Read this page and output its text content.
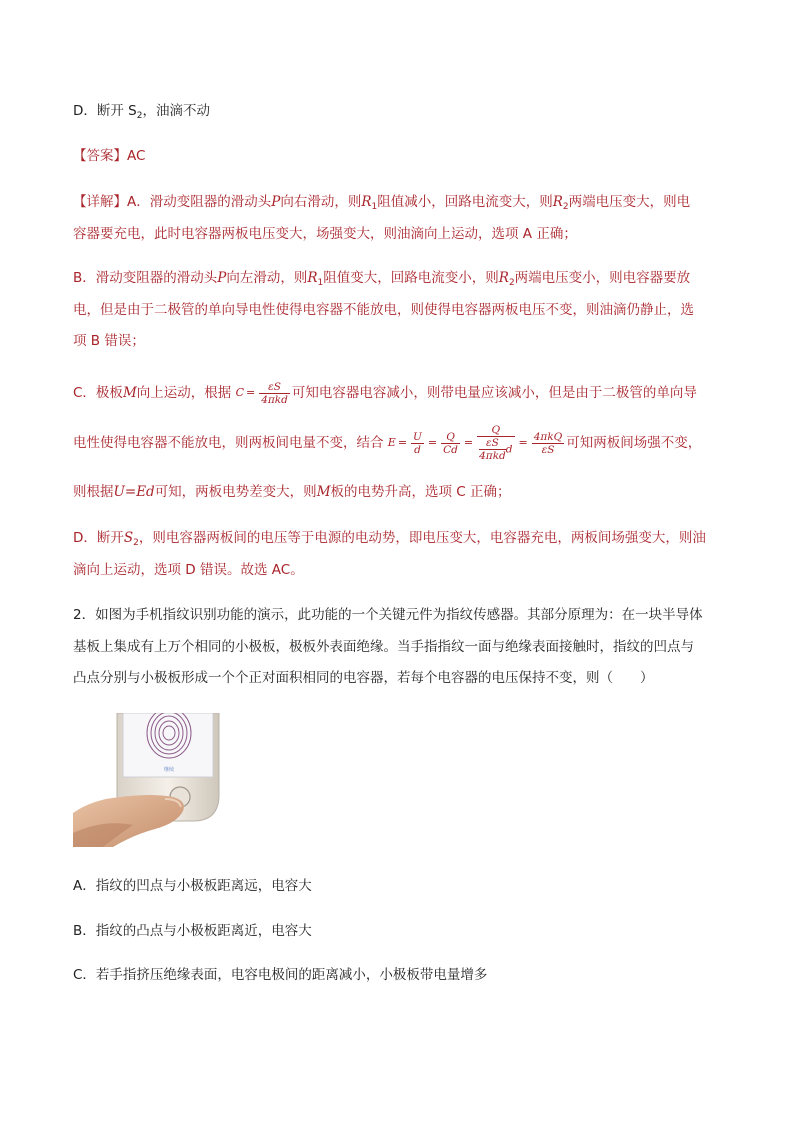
D．断开 $S_2$，油滴不动
【答案】AC
【详解】A．滑动变阻器的滑动头P向右滑动，则$R_1$阻值减小，回路电流变大，则$R_2$两端电压变大，则电
容器要充电，此时电容器两板电压变大，场强变大，则油滴向上运动，选项 A 正确；
B．滑动变阻器的滑动头P向左滑动，则$R_1$阻值变大，回路电流变小，则$R_2$两端电压变小，则电容器要放
电，但是由于二极管的单向导电性使得电容器不能放电，则使得电容器两板电压不变，则油滴仍静止，选
项 B 错误；
C．极板M向上运动，根据 $C = \frac{\varepsilon S}{\text{4πkd}}$ 可知电容器电容减小，则带电量应该减小，但是由于二极管的单向导
电性使得电容器不能放电，则两板间电量不变，结合 $E = \frac{U}{d} = \frac{Q}{Cd} = \frac{Q}{\frac{\varepsilon S}{\text{4πkd}} d} = \frac{\text{4πkQ}}{\varepsilon S}$ 可知两板间场强不变，
则根据U=Ed可知，两板电势差变大，则M板的电势升高，选项 C 正确；
D．断开$S_2$，则电容器两板间的电压等于电源的电动势，即电压变大，电容器充电，两板间场强变大，则油
滴向上运动，选项 D 错误。故选 AC。
2．如图为手机指纹识别功能的演示，此功能的一个关键元件为指纹传感器。其部分原理为：在一块半导体
基板上集成有上万个相同的小极板，极板外表面绝缘。当手指指纹一面与绝缘表面接触时，指纹的凹点与
凸点分别与小极板形成一个个正对面积相同的电容器，若每个电容器的电压保持不变，则（　　）
继续
A．指纹的凹点与小极板距离远，电容大
B．指纹的凸点与小极板距离近，电容大
C．若手指挤压绝缘表面，电容电极间的距离减小，小极板带电量增多
